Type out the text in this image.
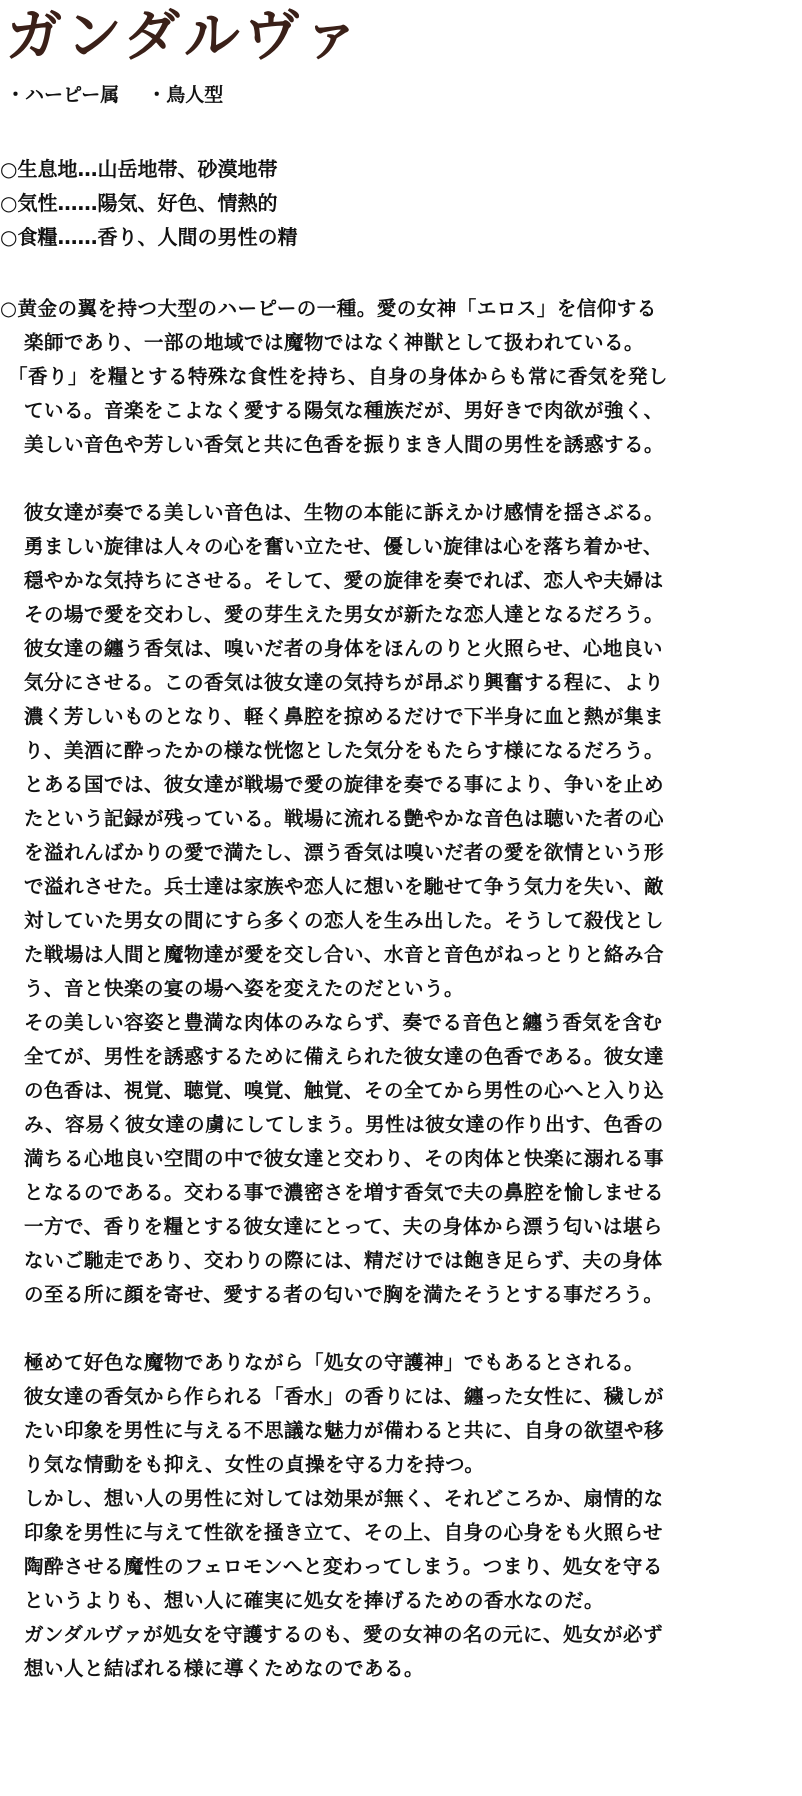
ガンダルヴァ
・ハーピー属 ・鳥人型
○生息地…山岳地帯、砂漠地帯
○気性……陽気、好色、情熱的
○食糧……香り、人間の男性の精
○黄金の翼を持つ大型のハーピーの一種。愛の女神「エロス」を信仰する
楽師であり、一部の地域では魔物ではなく神獣として扱われている。
「香り」を糧とする特殊な食性を持ち、自身の身体からも常に香気を発し
ている。音楽をこよなく愛する陽気な種族だが、男好きで肉欲が強く、
美しい音色や芳しい香気と共に色香を振りまき人間の男性を誘惑する。
彼女達が奏でる美しい音色は、生物の本能に訴えかけ感情を揺さぶる。
勇ましい旋律は人々の心を奮い立たせ、優しい旋律は心を落ち着かせ、
穏やかな気持ちにさせる。そして、愛の旋律を奏でれば、恋人や夫婦は
その場で愛を交わし、愛の芽生えた男女が新たな恋人達となるだろう。
彼女達の纏う香気は、嗅いだ者の身体をほんのりと火照らせ、心地良い
気分にさせる。この香気は彼女達の気持ちが昂ぶり興奮する程に、より
濃く芳しいものとなり、軽く鼻腔を掠めるだけで下半身に血と熱が集ま
り、美酒に酔ったかの様な恍惚とした気分をもたらす様になるだろう。
とある国では、彼女達が戦場で愛の旋律を奏でる事により、争いを止め
たという記録が残っている。戦場に流れる艶やかな音色は聴いた者の心
を溢れんばかりの愛で満たし、漂う香気は嗅いだ者の愛を欲情という形
で溢れさせた。兵士達は家族や恋人に想いを馳せて争う気力を失い、敵
対していた男女の間にすら多くの恋人を生み出した。そうして殺伐とし
た戦場は人間と魔物達が愛を交し合い、水音と音色がねっとりと絡み合
う、音と快楽の宴の場へ姿を変えたのだという。
その美しい容姿と豊満な肉体のみならず、奏でる音色と纏う香気を含む
全てが、男性を誘惑するために備えられた彼女達の色香である。彼女達
の色香は、視覚、聴覚、嗅覚、触覚、その全てから男性の心へと入り込
み、容易く彼女達の虜にしてしまう。男性は彼女達の作り出す、色香の
満ちる心地良い空間の中で彼女達と交わり、その肉体と快楽に溺れる事
となるのである。交わる事で濃密さを増す香気で夫の鼻腔を愉しませる
一方で、香りを糧とする彼女達にとって、夫の身体から漂う匂いは堪ら
ないご馳走であり、交わりの際には、精だけでは飽き足らず、夫の身体
の至る所に顔を寄せ、愛する者の匂いで胸を満たそうとする事だろう。
極めて好色な魔物でありながら「処女の守護神」でもあるとされる。
彼女達の香気から作られる「香水」の香りには、纏った女性に、穢しが
たい印象を男性に与える不思議な魅力が備わると共に、自身の欲望や移
り気な情動をも抑え、女性の貞操を守る力を持つ。
しかし、想い人の男性に対しては効果が無く、それどころか、扇情的な
印象を男性に与えて性欲を掻き立て、その上、自身の心身をも火照らせ
陶酔させる魔性のフェロモンへと変わってしまう。つまり、処女を守る
というよりも、想い人に確実に処女を捧げるための香水なのだ。
ガンダルヴァが処女を守護するのも、愛の女神の名の元に、処女が必ず
想い人と結ばれる様に導くためなのである。
